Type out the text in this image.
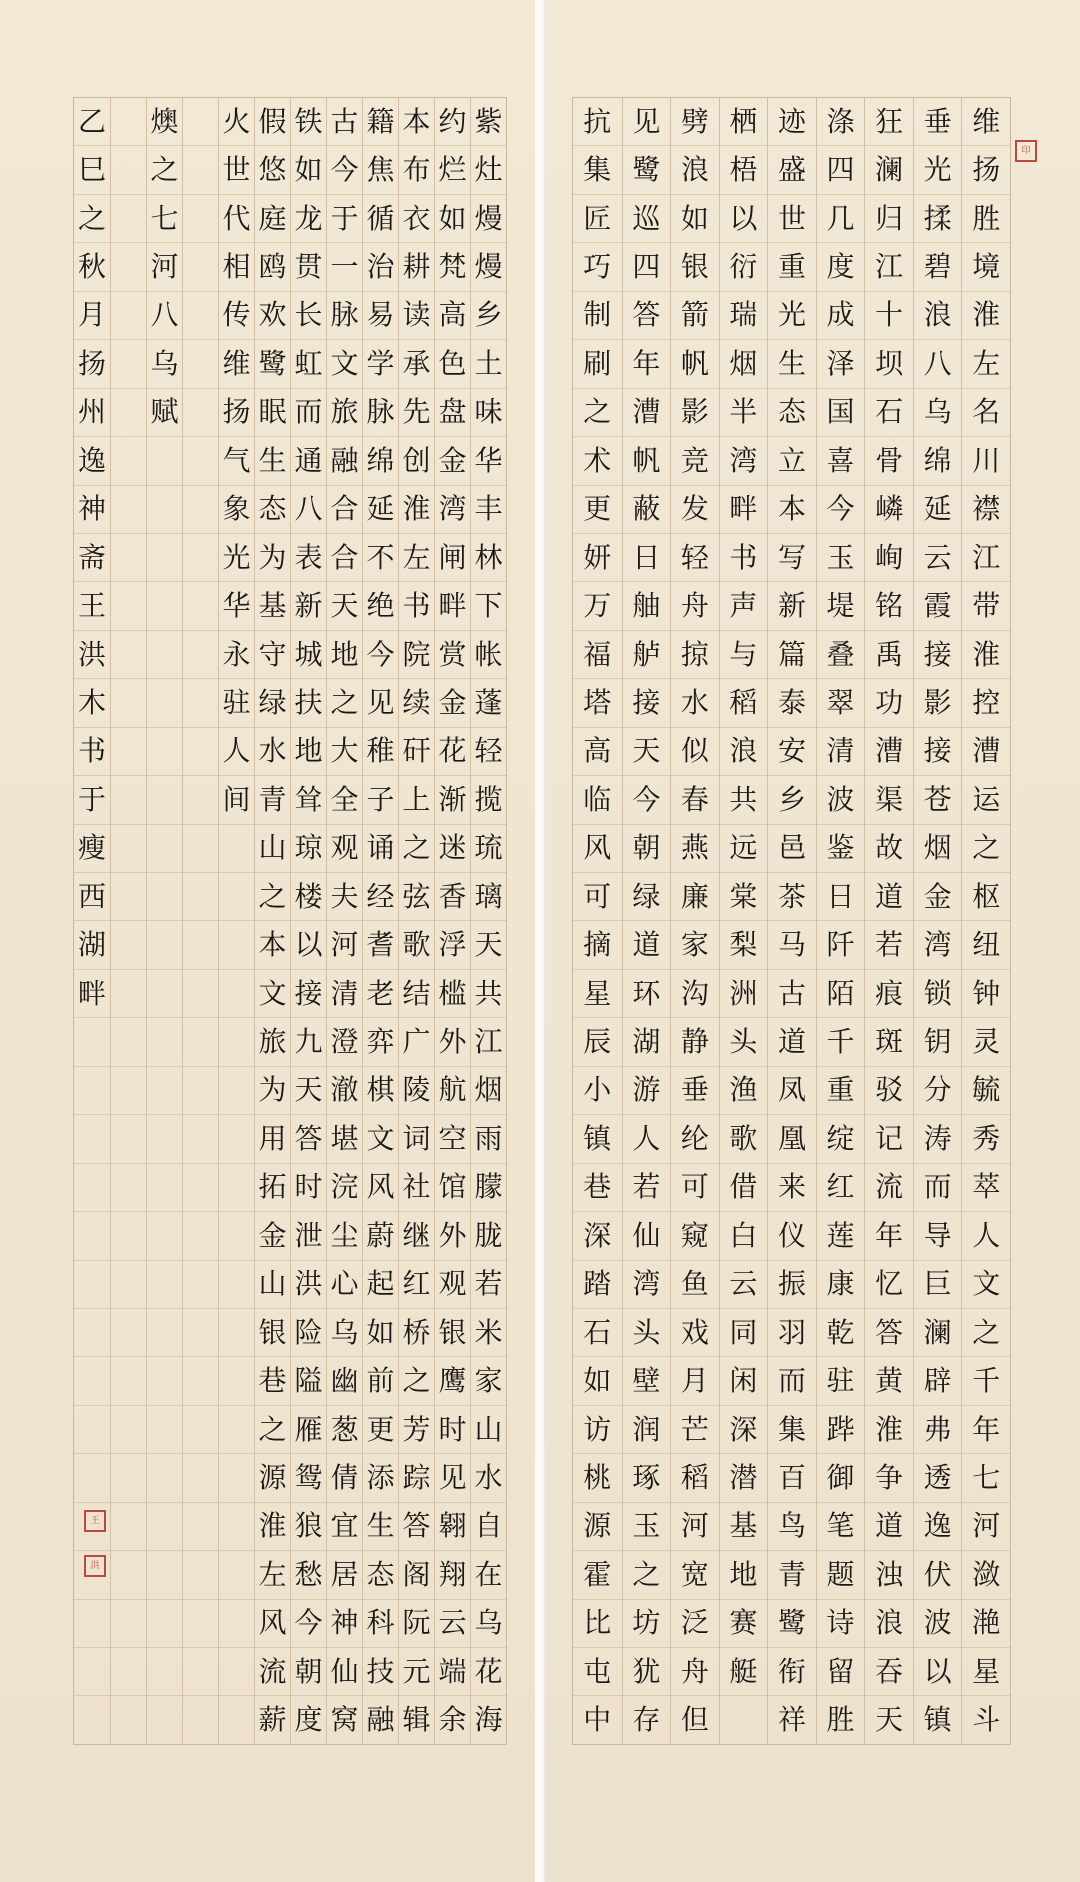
紫
灶
熳
熳
乡
土
味
华
丰
林
下
帐
蓬
轻
揽
琉
璃
天
共
江
烟
雨
朦
胧
若
米
家
山
水
自
在
乌
花
海
约
烂
如
梵
高
色
盘
金
湾
闸
畔
赏
金
花
渐
迷
香
浮
槛
外
航
空
馆
外
观
银
鹰
时
见
翱
翔
云
端
余
本
布
衣
耕
读
承
先
创
淮
左
书
院
续
矸
上
之
弦
歌
结
广
陵
词
社
继
红
桥
之
芳
踪
答
阁
阮
元
辑
籍
焦
循
治
易
学
脉
绵
延
不
绝
今
见
稚
子
诵
经
耆
老
弈
棋
文
风
蔚
起
如
前
更
添
生
态
科
技
融
古
今
于
一
脉
文
旅
融
合
合
天
地
之
大
全
观
夫
河
清
澄
澈
堪
浣
尘
心
乌
幽
葱
倩
宜
居
神
仙
窝
铁
如
龙
贯
长
虹
而
通
八
表
新
城
扶
地
耸
琼
楼
以
接
九
天
答
时
泄
洪
险
隘
雁
鸳
狼
愁
今
朝
度
假
悠
庭
鸥
欢
鹭
眠
生
态
为
基
守
绿
水
青
山
之
本
文
旅
为
用
拓
金
山
银
巷
之
源
淮
左
风
流
薪
火
世
代
相
传
维
扬
气
象
光
华
永
驻
人
间
燠
之
七
河
八
乌
赋
乙
巳
之
秋
月
扬
州
逸
神
斋
王
洪
木
书
于
瘦
西
湖
畔
维
扬
胜
境
淮
左
名
川
襟
江
带
淮
控
漕
运
之
枢
纽
钟
灵
毓
秀
萃
人
文
之
千
年
七
河
潋
滟
星
斗
垂
光
揉
碧
浪
八
乌
绵
延
云
霞
接
影
接
苍
烟
金
湾
锁
钥
分
涛
而
导
巨
澜
辟
弗
透
逸
伏
波
以
镇
狂
澜
归
江
十
坝
石
骨
嶙
峋
铭
禹
功
漕
渠
故
道
若
痕
斑
驳
记
流
年
忆
答
黄
淮
争
道
浊
浪
吞
天
涤
四
几
度
成
泽
国
喜
今
玉
堤
叠
翠
清
波
鉴
日
阡
陌
千
重
绽
红
莲
康
乾
驻
跸
御
笔
题
诗
留
胜
迹
盛
世
重
光
生
态
立
本
写
新
篇
泰
安
乡
邑
茶
马
古
道
凤
凰
来
仪
振
羽
而
集
百
鸟
青
鹭
衔
祥
栖
梧
以
衍
瑞
烟
半
湾
畔
书
声
与
稻
浪
共
远
棠
梨
洲
头
渔
歌
借
白
云
同
闲
深
潜
基
地
赛
艇
劈
浪
如
银
箭
帆
影
竞
发
轻
舟
掠
水
似
春
燕
廉
家
沟
静
垂
纶
可
窥
鱼
戏
月
芒
稻
河
宽
泛
舟
但
见
鹭
巡
四
答
年
漕
帆
蔽
日
舳
舻
接
天
今
朝
绿
道
环
湖
游
人
若
仙
湾
头
壁
润
琢
玉
之
坊
犹
存
抗
集
匠
巧
制
刷
之
术
更
妍
万
福
塔
高
临
风
可
摘
星
辰
小
镇
巷
深
踏
石
如
访
桃
源
霍
比
屯
中
印
王
洪
